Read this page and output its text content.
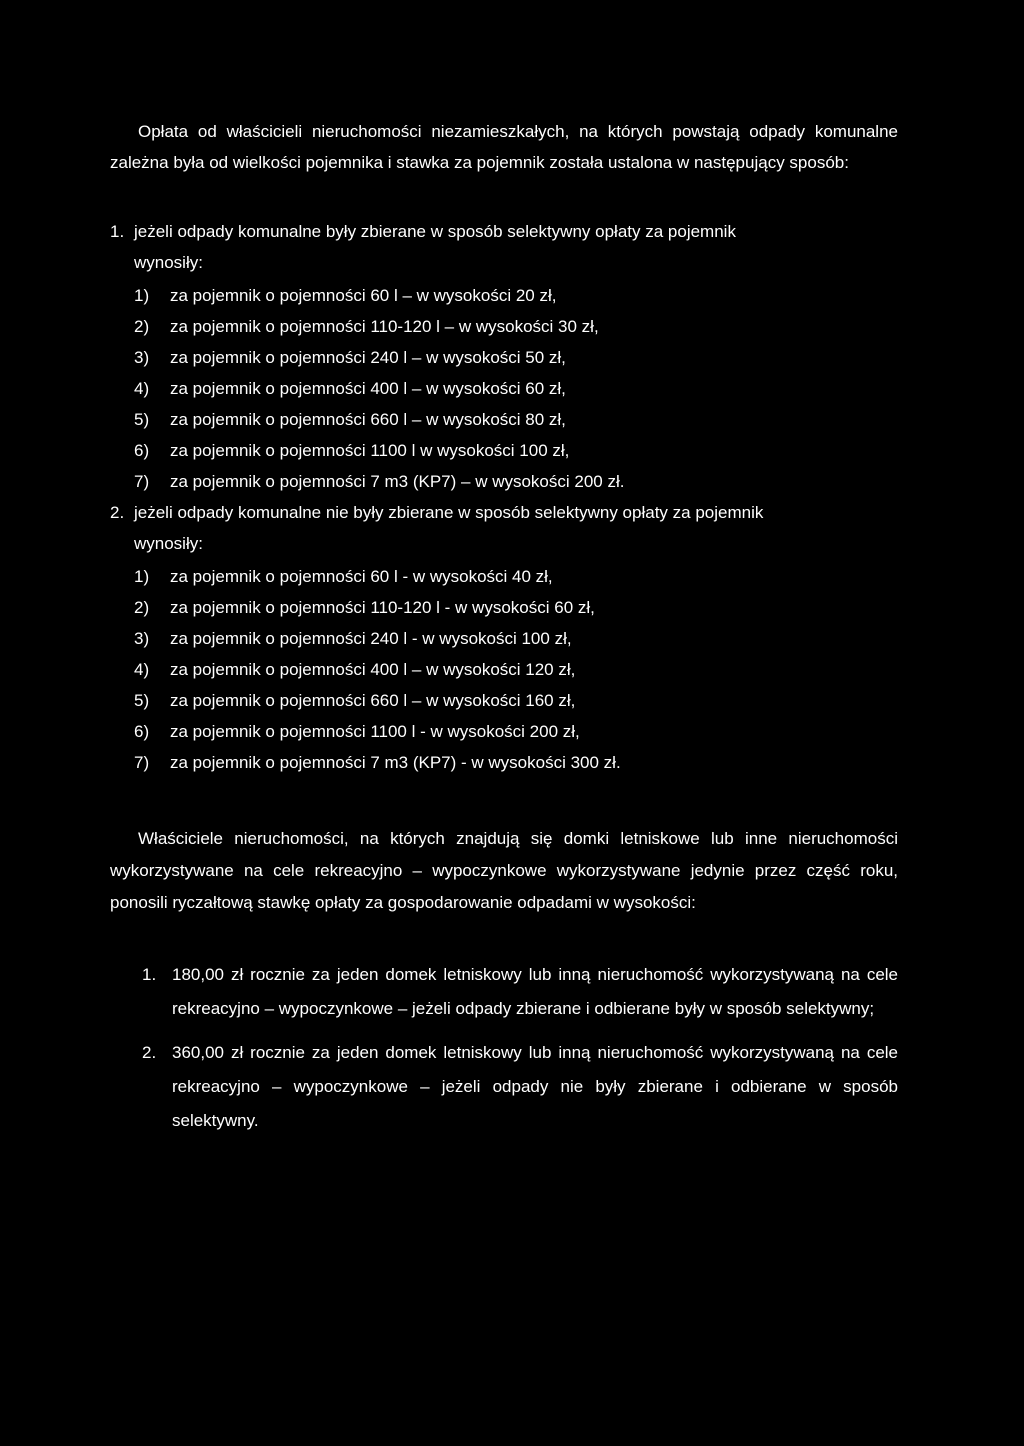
Opłata od właścicieli nieruchomości niezamieszkałych, na których powstają odpady komunalne zależna była od wielkości pojemnika i stawka za pojemnik została ustalona w następujący sposób:

1. jeżeli odpady komunalne były zbierane w sposób selektywny opłaty za pojemnik

wynosiły:

1)	za pojemnik o pojemności 60 l – w wysokości 20 zł,
2)	za pojemnik o pojemności 110-120 l – w wysokości 30 zł,
3)	za pojemnik o pojemności 240 l – w wysokości 50 zł,
4)	za pojemnik o pojemności 400 l – w wysokości 60 zł,
5)	za pojemnik o pojemności 660 l – w wysokości 80 zł,
6)	za pojemnik o pojemności 1100 l w wysokości 100 zł,
7)	za pojemnik o pojemności 7 m3 (KP7) – w wysokości 200 zł.
2. jeżeli odpady komunalne nie były zbierane w sposób selektywny opłaty za pojemnik

wynosiły:

1)	za pojemnik o pojemności 60 l - w wysokości 40 zł,
2)	za pojemnik o pojemności 110-120 l - w wysokości 60 zł,
3)	za pojemnik o pojemności 240 l - w wysokości 100 zł,
4)	za pojemnik o pojemności 400 l – w wysokości 120 zł,
5)	za pojemnik o pojemności 660 l – w wysokości 160 zł,
6)	za pojemnik o pojemności 1100 l - w wysokości 200 zł,
7)	za pojemnik o pojemności 7 m3 (KP7) - w wysokości 300 zł.

Właściciele nieruchomości, na których znajdują się domki letniskowe lub inne nieruchomości wykorzystywane na cele rekreacyjno – wypoczynkowe wykorzystywane jedynie przez część roku, ponosili ryczałtową stawkę opłaty za gospodarowanie odpadami w wysokości:

1. 180,00 zł rocznie za jeden domek letniskowy lub inną nieruchomość wykorzystywaną na cele rekreacyjno – wypoczynkowe – jeżeli odpady zbierane i odbierane były w sposób selektywny;
2. 360,00 zł rocznie za jeden domek letniskowy lub inną nieruchomość wykorzystywaną na cele rekreacyjno – wypoczynkowe – jeżeli odpady nie były zbierane i odbierane w sposób selektywny.
